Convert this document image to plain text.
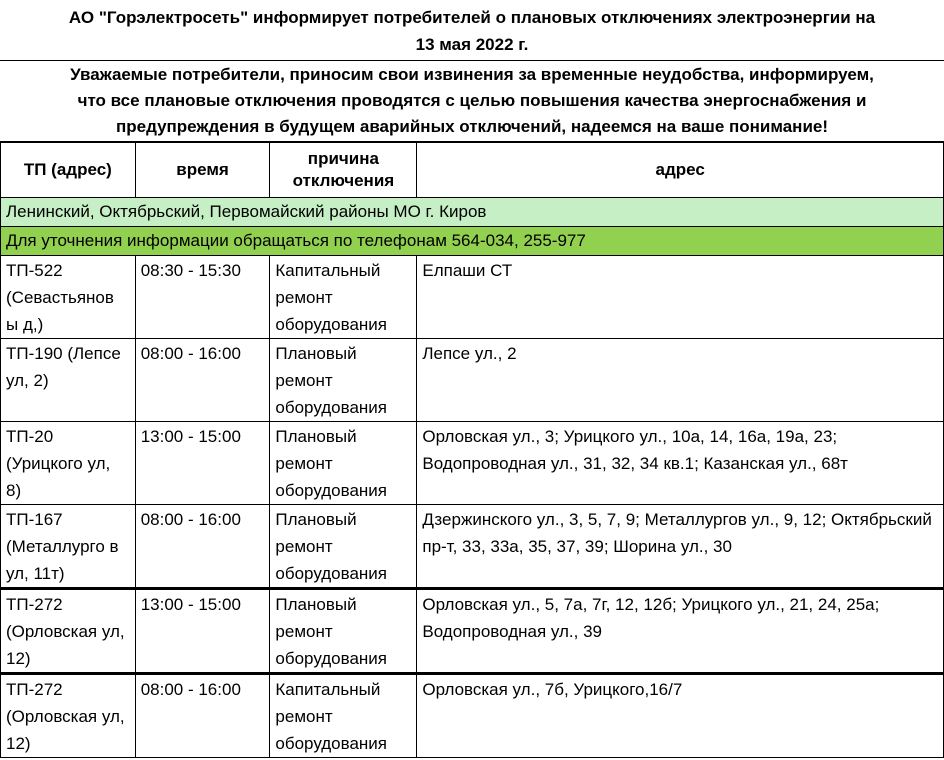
АО "Горэлектросеть" информирует потребителей о плановых отключениях электроэнергии на
13 мая 2022 г.
Уважаемые потребители, приносим свои извинения за временные неудобства, информируем,
что все плановые отключения проводятся с целью повышения качества энергоснабжения и
предупреждения в будущем аварийных отключений, надеемся на ваше понимание!
ТП (адрес)	время	причина отключения	адрес
Ленинский, Октябрьский, Первомайский районы МО г. Киров			
Для уточнения информации обращаться по телефонам 564-034, 255-977			
ТП-522 (Севастьянов ы д,)	08:30 - 15:30	Капитальный ремонт оборудования	Елпаши СТ
ТП-190 (Лепсе ул, 2)	08:00 - 16:00	Плановый ремонт оборудования	Лепсе ул., 2
ТП-20 (Урицкого ул, 8)	13:00 - 15:00	Плановый ремонт оборудования	Орловская ул., 3; Урицкого ул., 10а, 14, 16а, 19а, 23; Водопроводная ул., 31, 32, 34 кв.1; Казанская ул., 68т
ТП-167 (Металлурго в ул, 11т)	08:00 - 16:00	Плановый ремонт оборудования	Дзержинского ул., 3, 5, 7, 9; Металлургов ул., 9, 12; Октябрьский пр-т, 33, 33а, 35, 37, 39; Шорина ул., 30
ТП-272 (Орловская ул, 12)	13:00 - 15:00	Плановый ремонт оборудования	Орловская ул., 5, 7а, 7г, 12, 12б; Урицкого ул., 21, 24, 25а; Водопроводная ул., 39
ТП-272 (Орловская ул, 12)	08:00 - 16:00	Капитальный ремонт оборудования	Орловская ул., 7б, Урицкого,16/7
